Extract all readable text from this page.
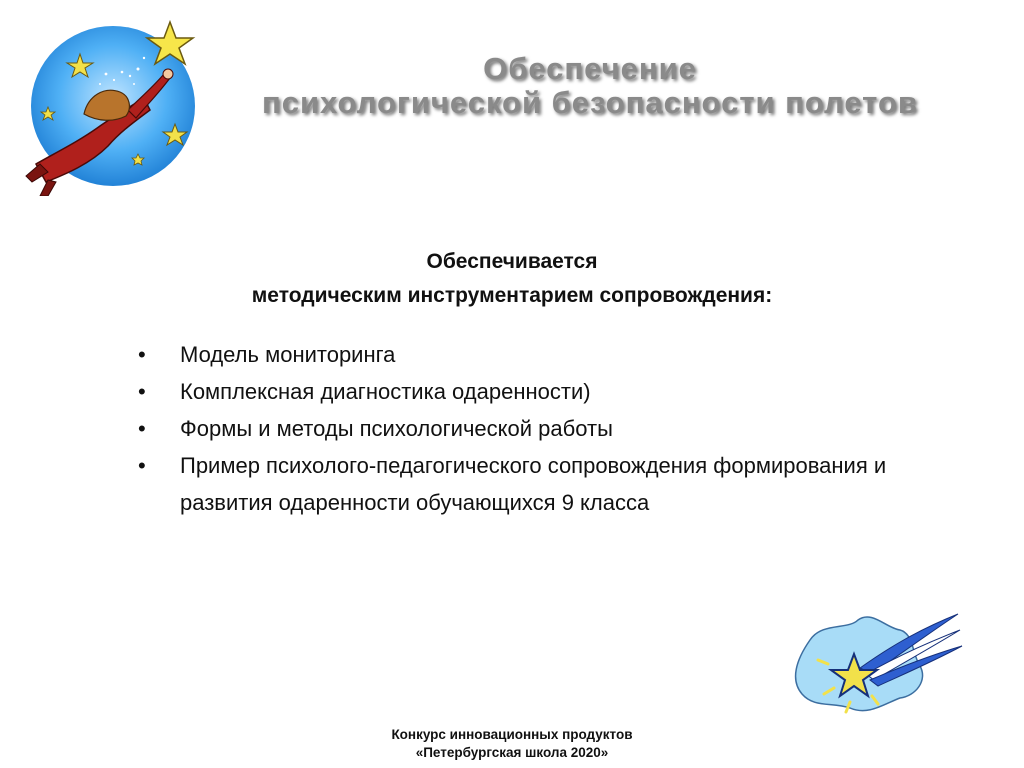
Обеспечение
психологической безопасности полетов
Обеспечивается
методическим инструментарием сопровождения:
•	Модель мониторинга
•	Комплексная диагностика одаренности)
•	Формы и методы психологической работы
•	Пример психолого-педагогического сопровождения формирования и развития одаренности обучающихся 9 класса
Конкурс инновационных продуктов
«Петербургская школа 2020»
